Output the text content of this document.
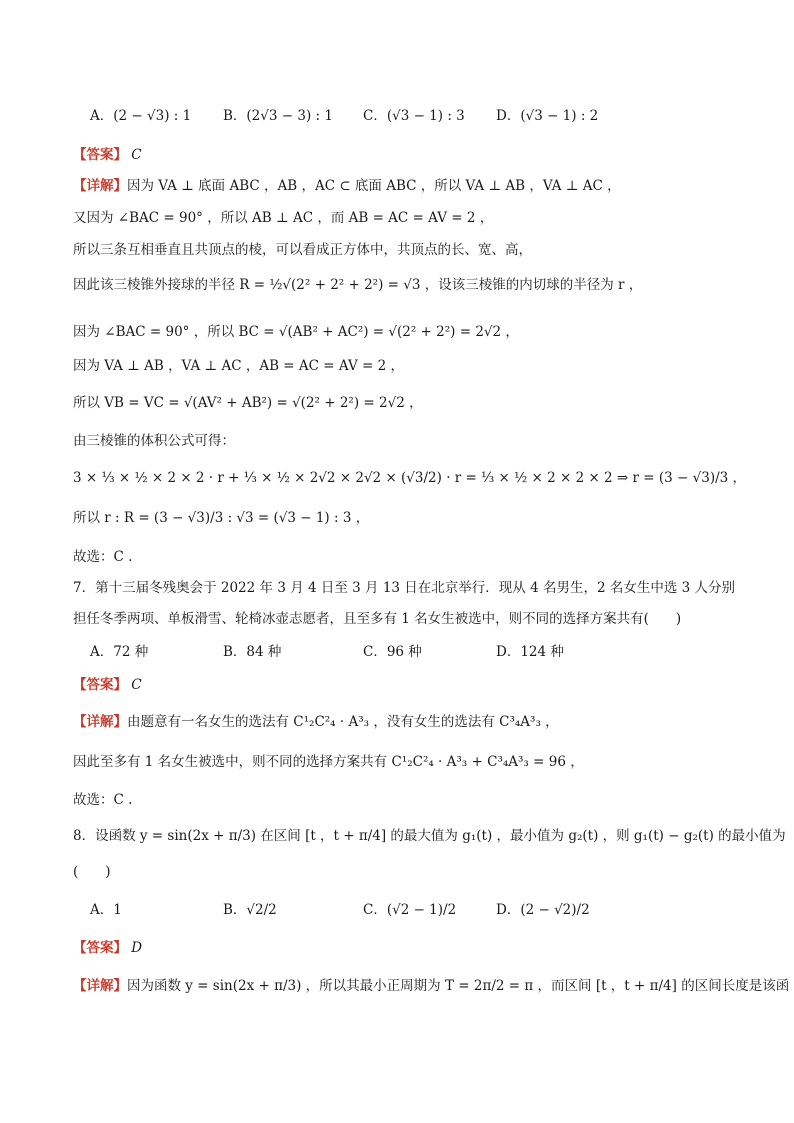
A．(2 − √3) : 1	B．(2√3 − 3) : 1	C．(√3 − 1) : 3	D．(√3 − 1) : 2
【答案】 C
【详解】因为 VA ⊥ 底面 ABC ，AB ，AC ⊂ 底面 ABC ，所以 VA ⊥ AB ，VA ⊥ AC ，
又因为 ∠BAC = 90° ，所以 AB ⊥ AC ，而 AB = AC = AV = 2 ，
所以三条互相垂直且共顶点的棱，可以看成正方体中，共顶点的长、宽、高，
因此该三棱锥外接球的半径 R = ½√(2² + 2² + 2²) = √3 ，设该三棱锥的内切球的半径为 r ，
因为 ∠BAC = 90° ，所以 BC = √(AB² + AC²) = √(2² + 2²) = 2√2 ，
因为 VA ⊥ AB ，VA ⊥ AC ，AB = AC = AV = 2 ，
所以 VB = VC = √(AV² + AB²) = √(2² + 2²) = 2√2 ，
由三棱锥的体积公式可得：
3 × ⅓ × ½ × 2 × 2 · r + ⅓ × ½ × 2√2 × 2√2 × (√3/2) · r = ⅓ × ½ × 2 × 2 × 2 ⇒ r = (3 − √3)/3 ，
所以 r : R = (3 − √3)/3 : √3 = (√3 − 1) : 3 ，
故选：C .
7．第十三届冬残奥会于 2022 年 3 月 4 日至 3 月 13 日在北京举行．现从 4 名男生，2 名女生中选 3 人分别
担任冬季两项、单板滑雪、轮椅冰壶志愿者，且至多有 1 名女生被选中，则不同的选择方案共有(　　)
A．72 种	B．84 种	C．96 种	D．124 种
【答案】 C
【详解】由题意有一名女生的选法有 C¹₂C²₄ · A³₃ ，没有女生的选法有 C³₄A³₃ ，
因此至多有 1 名女生被选中，则不同的选择方案共有 C¹₂C²₄ · A³₃ + C³₄A³₃ = 96 ，
故选：C .
8．设函数 y = sin(2x + π/3) 在区间 [t ，t + π/4] 的最大值为 g₁(t) ，最小值为 g₂(t) ，则 g₁(t) − g₂(t) 的最小值为
(　　)
A．1	B．√2/2	C．(√2 − 1)/2	D．(2 − √2)/2
【答案】 D
【详解】因为函数 y = sin(2x + π/3) ，所以其最小正周期为 T = 2π/2 = π ，而区间 [t ，t + π/4] 的区间长度是该函
